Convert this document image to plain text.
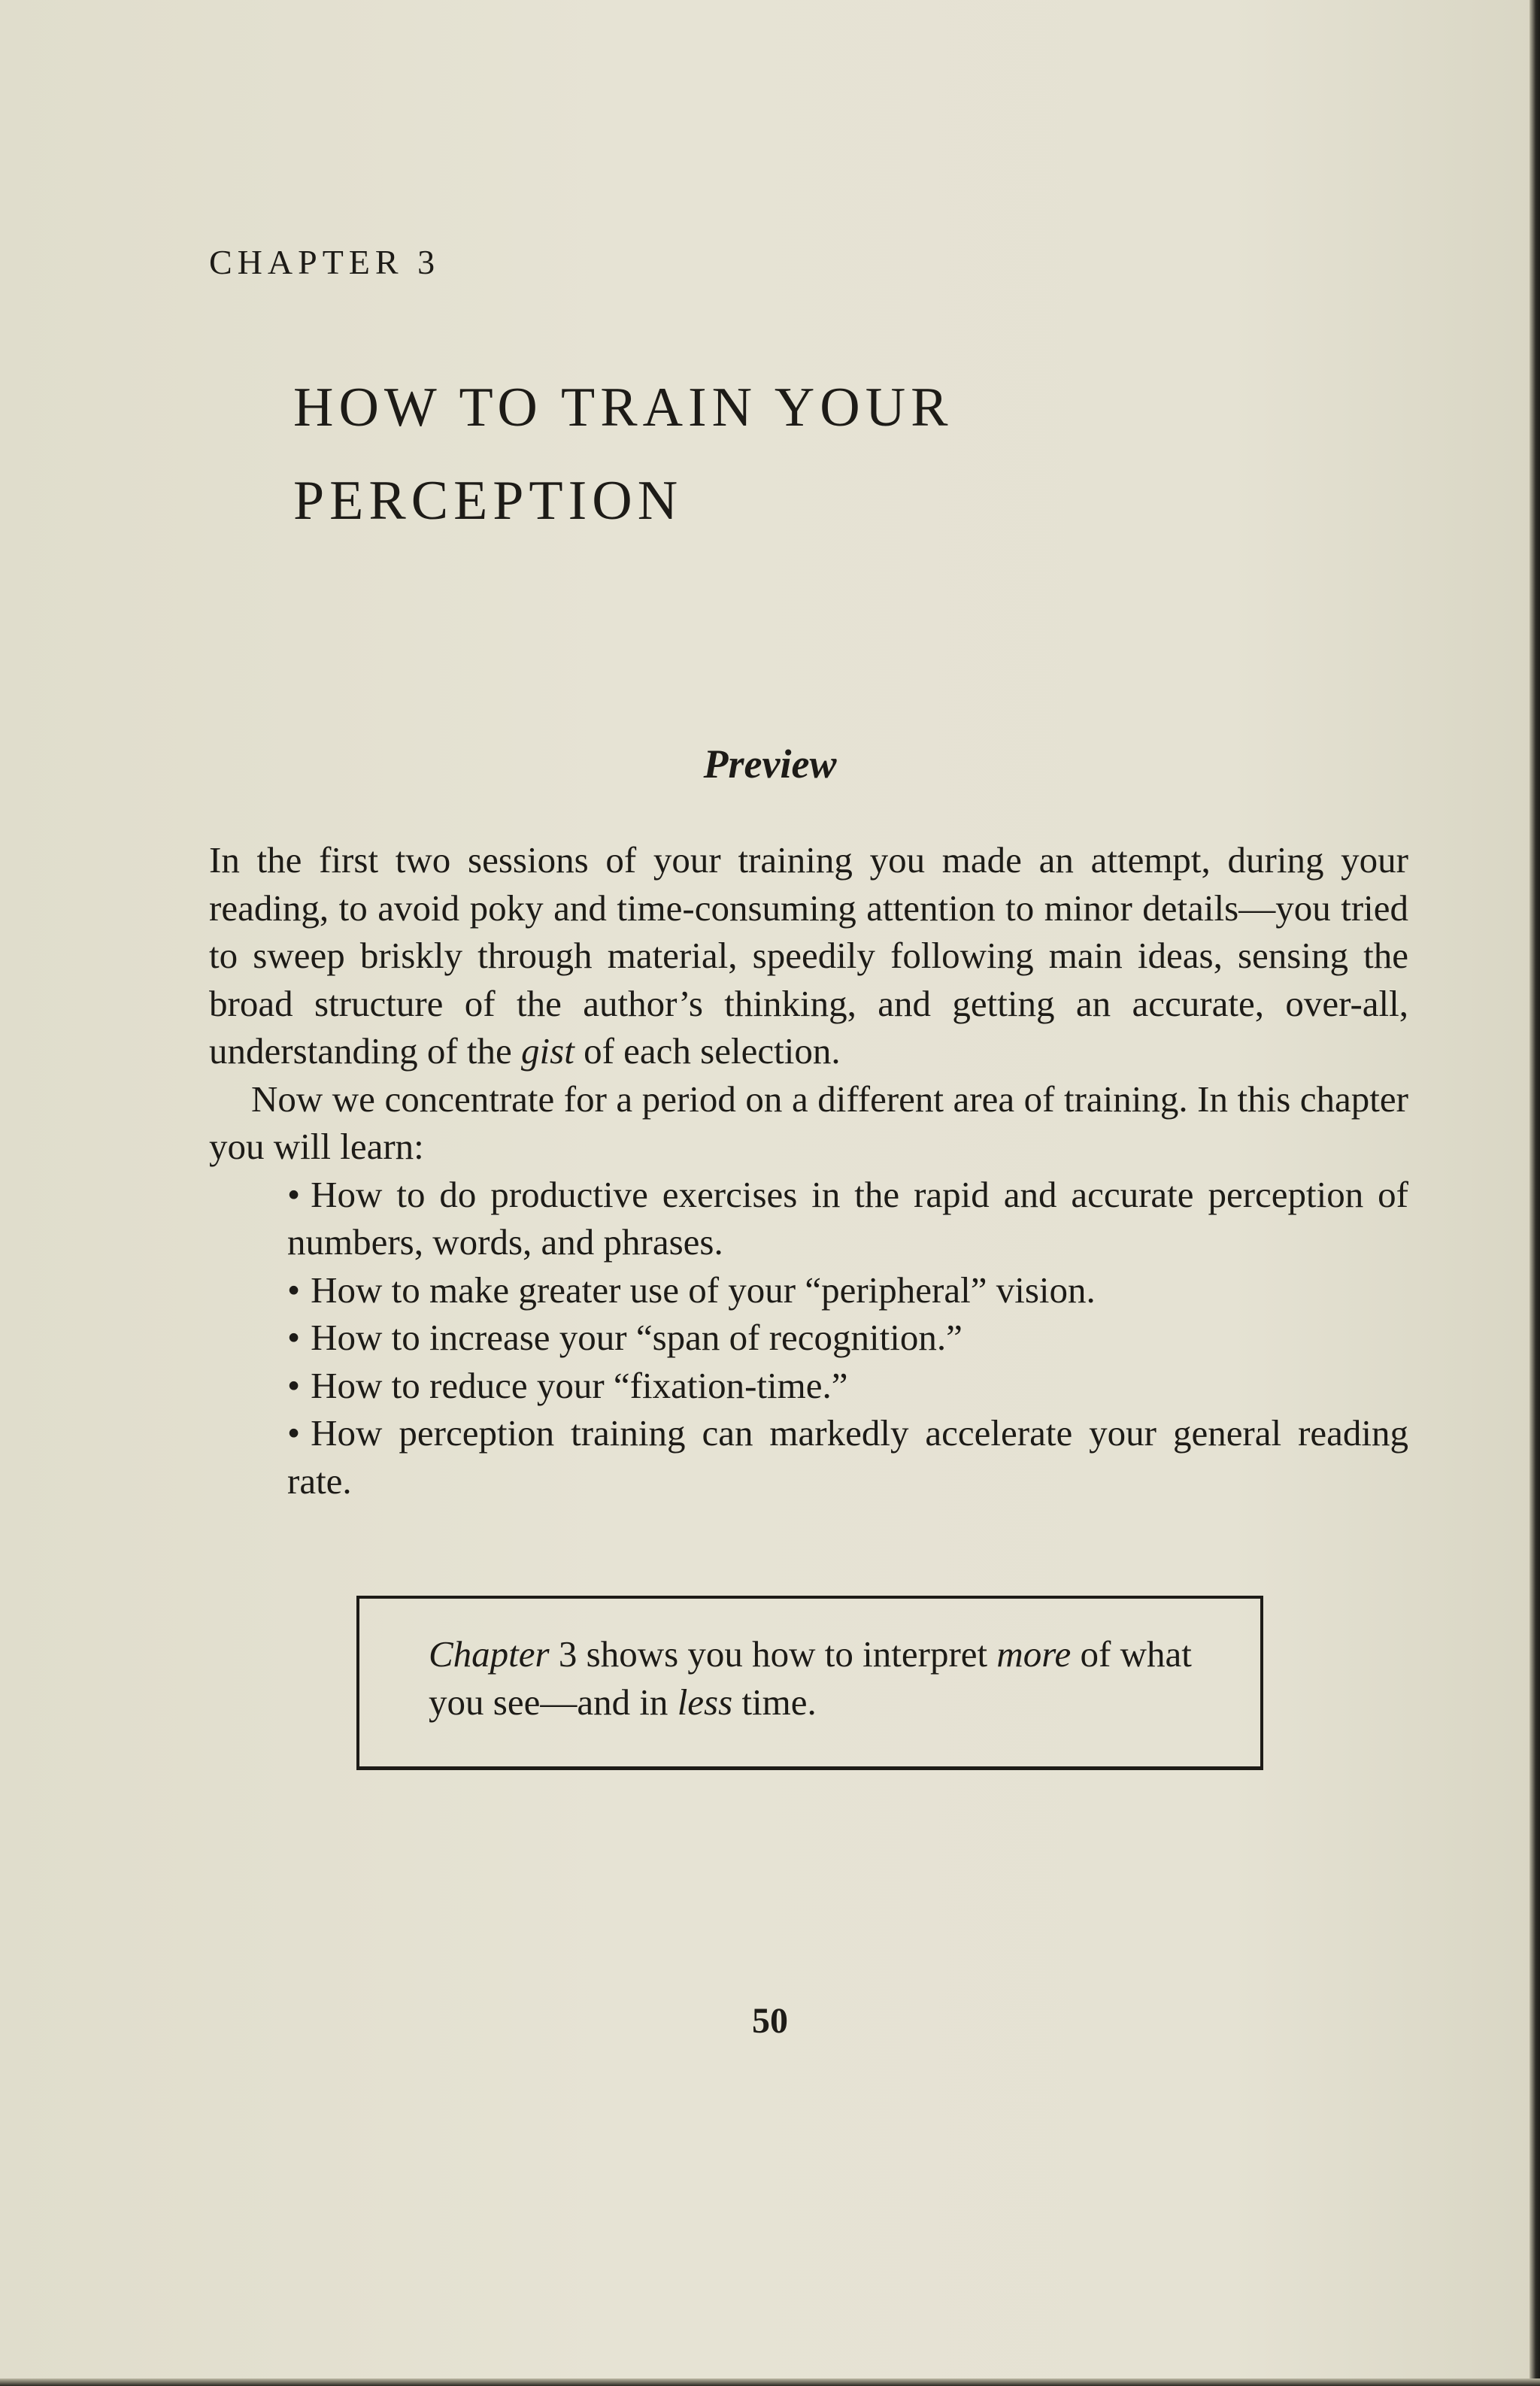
CHAPTER 3
HOW TO TRAIN YOUR
PERCEPTION
Preview

In the first two sessions of your training you made an attempt, during your reading, to avoid poky and time-consuming attention to minor details—you tried to sweep briskly through material, speedily following main ideas, sensing the broad structure of the author’s thinking, and getting an accurate, over-all, understanding of the gist of each selection.

Now we concentrate for a period on a different area of training. In this chapter you will learn:

• How to do productive exercises in the rapid and accurate perception of numbers, words, and phrases.
• How to make greater use of your “peripheral” vision.
• How to increase your “span of recognition.”
• How to reduce your “fixation-time.”
• How perception training can markedly accelerate your general reading rate.
Chapter 3 shows you how to interpret more of what you see—and in less time.

50
